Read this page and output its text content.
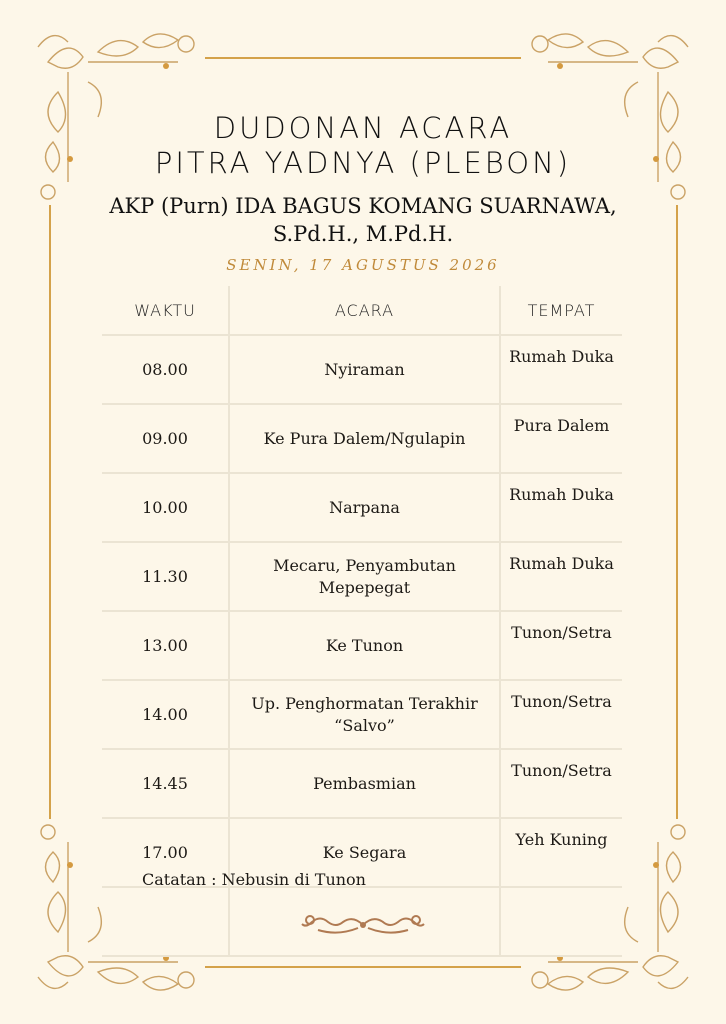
DUDONAN ACARA
PITRA YADNYA (PLEBON)
AKP (Purn) IDA BAGUS KOMANG SUARNAWA,
S.Pd.H., M.Pd.H.
SENIN, 17 AGUSTUS 2026
WAKTU	ACARA	TEMPAT
08.00	Nyiraman	Rumah Duka
09.00	Ke Pura Dalem/Ngulapin	Pura Dalem
10.00	Narpana	Rumah Duka
11.30	Mecaru, Penyambutan Mepepegat	Rumah Duka
13.00	Ke Tunon	Tunon/Setra
14.00	Up. Penghormatan Terakhir “Salvo”	Tunon/Setra
14.45	Pembasmian	Tunon/Setra
17.00	Ke Segara	Yeh Kuning

Catatan : Nebusin di Tunon
